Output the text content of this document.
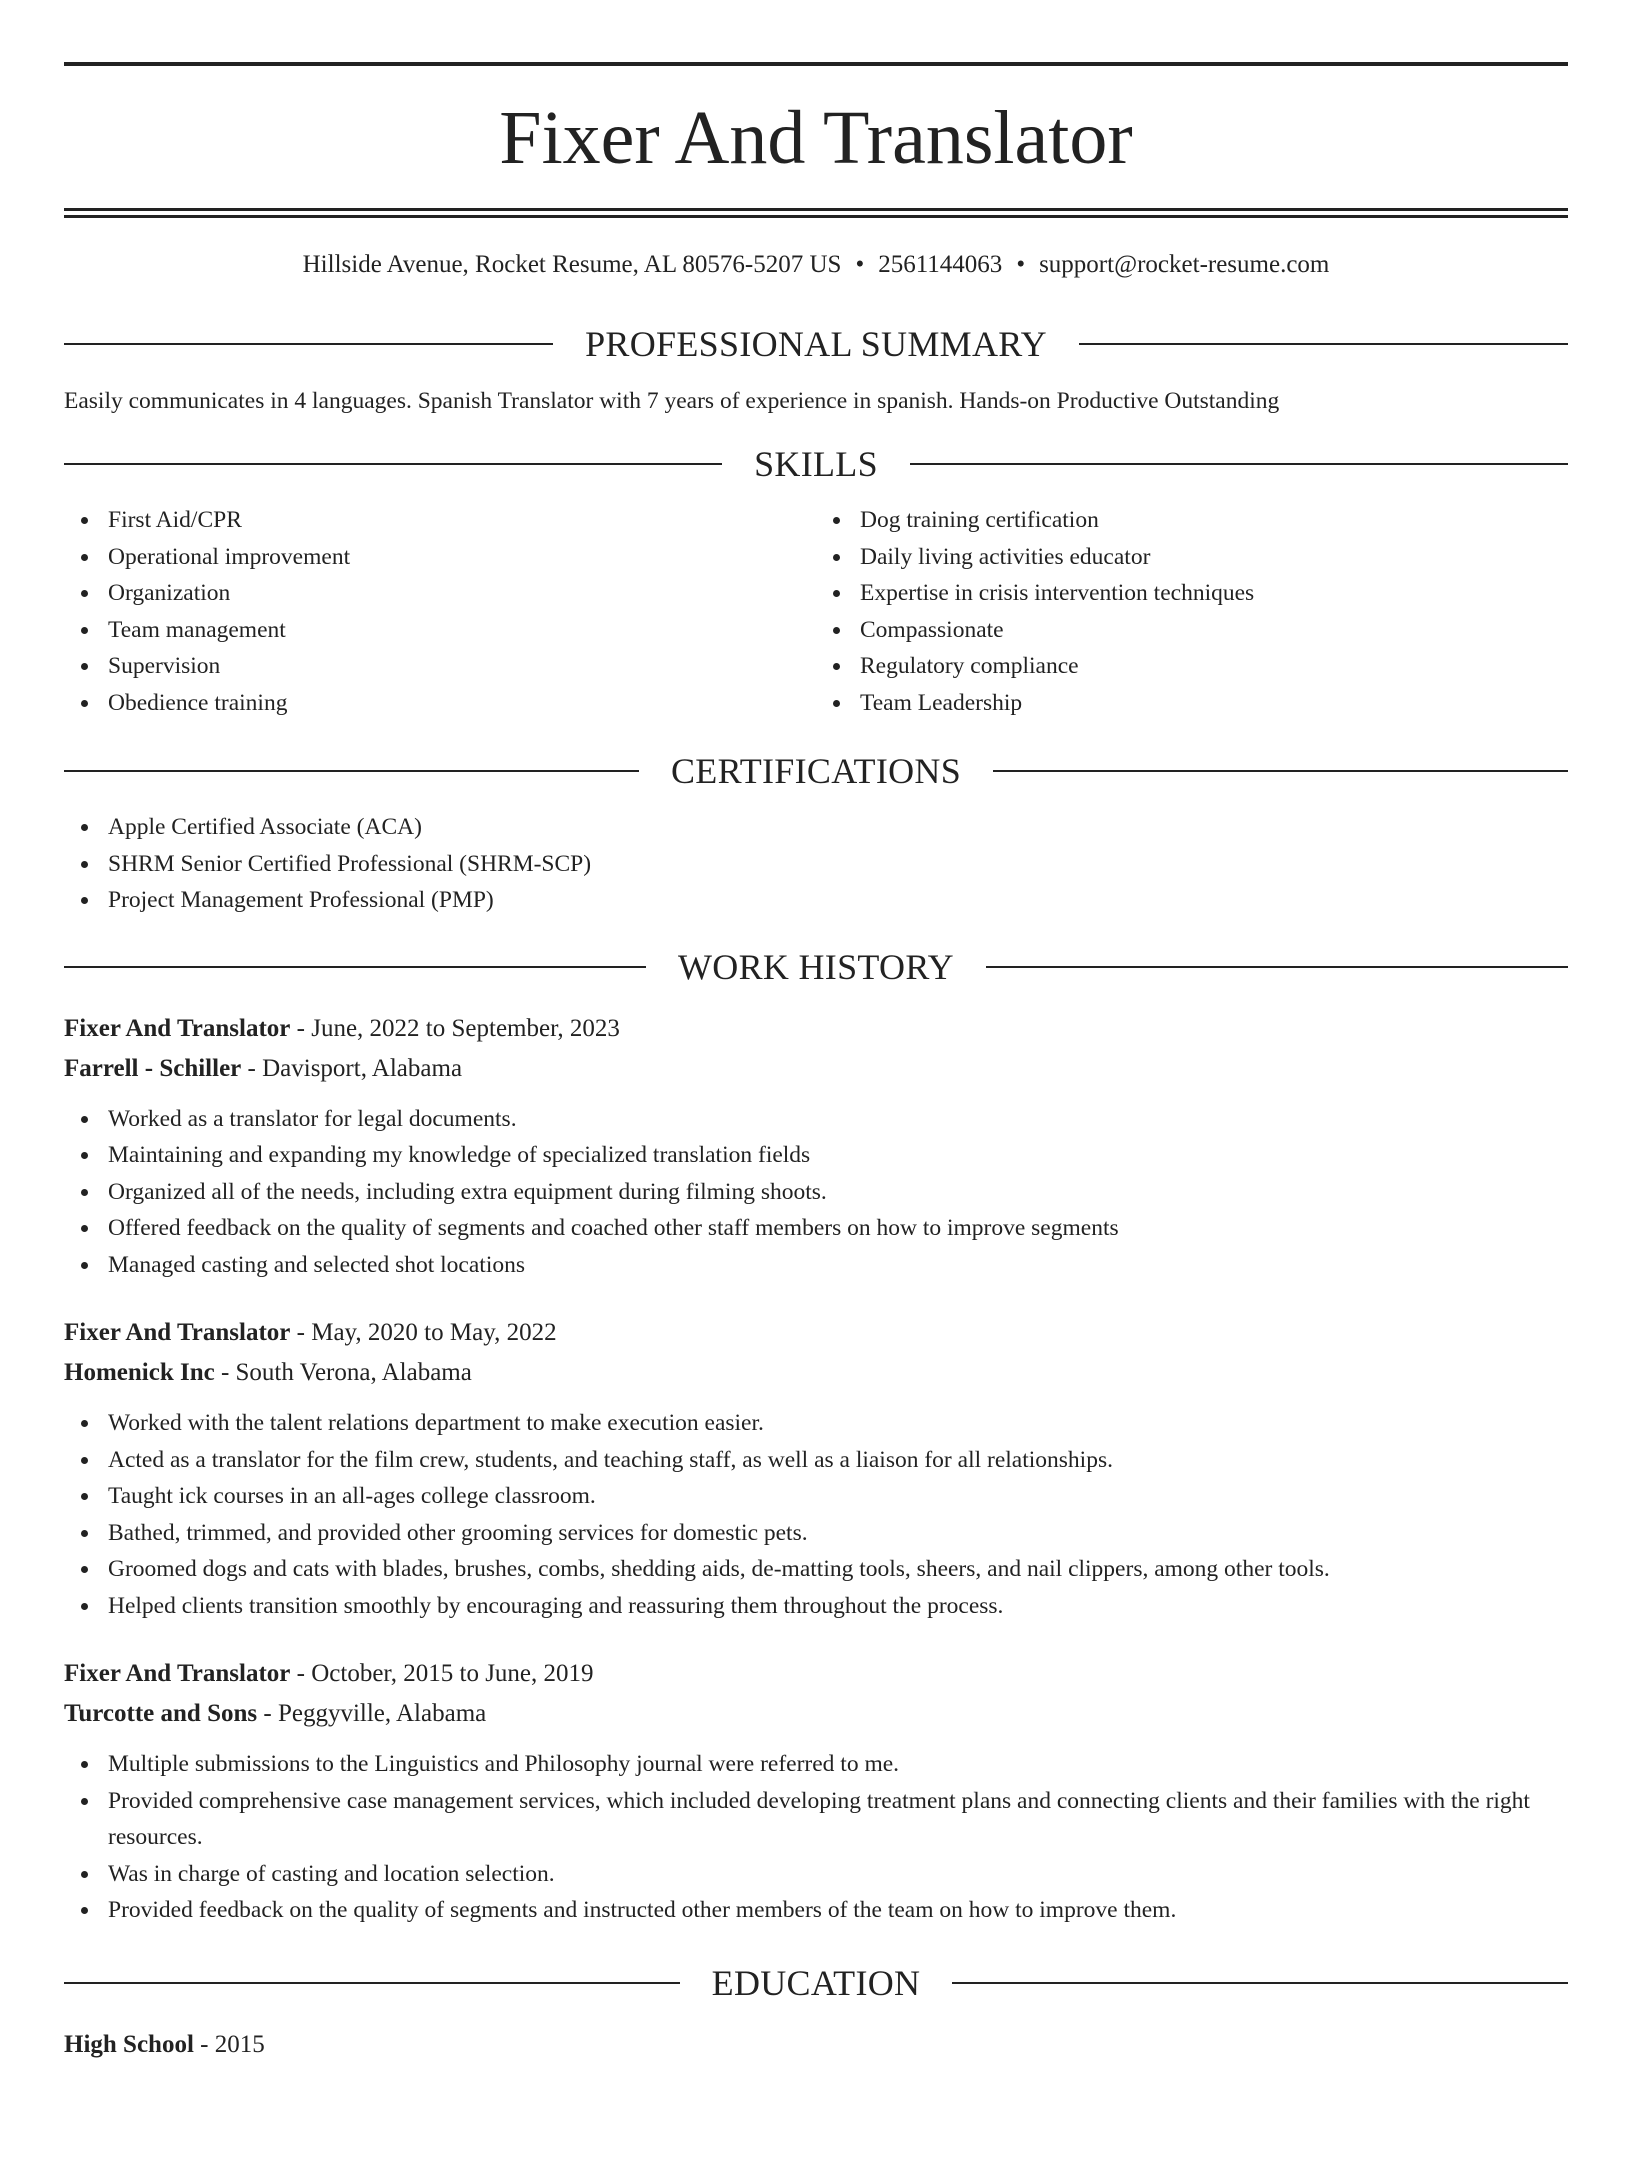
Fixer And Translator
Hillside Avenue, Rocket Resume, AL 80576-5207 US • 2561144063 • support@rocket-resume.com
PROFESSIONAL SUMMARY
Easily communicates in 4 languages. Spanish Translator with 7 years of experience in spanish. Hands-on Productive Outstanding
SKILLS
First Aid/CPR
Operational improvement
Organization
Team management
Supervision
Obedience training
Dog training certification
Daily living activities educator
Expertise in crisis intervention techniques
Compassionate
Regulatory compliance
Team Leadership
CERTIFICATIONS
Apple Certified Associate (ACA)
SHRM Senior Certified Professional (SHRM-SCP)
Project Management Professional (PMP)
WORK HISTORY
Fixer And Translator - June, 2022 to September, 2023
Farrell - Schiller - Davisport, Alabama
Worked as a translator for legal documents.
Maintaining and expanding my knowledge of specialized translation fields
Organized all of the needs, including extra equipment during filming shoots.
Offered feedback on the quality of segments and coached other staff members on how to improve segments
Managed casting and selected shot locations
Fixer And Translator - May, 2020 to May, 2022
Homenick Inc - South Verona, Alabama
Worked with the talent relations department to make execution easier.
Acted as a translator for the film crew, students, and teaching staff, as well as a liaison for all relationships.
Taught ick courses in an all-ages college classroom.
Bathed, trimmed, and provided other grooming services for domestic pets.
Groomed dogs and cats with blades, brushes, combs, shedding aids, de-matting tools, sheers, and nail clippers, among other tools.
Helped clients transition smoothly by encouraging and reassuring them throughout the process.
Fixer And Translator - October, 2015 to June, 2019
Turcotte and Sons - Peggyville, Alabama
Multiple submissions to the Linguistics and Philosophy journal were referred to me.
Provided comprehensive case management services, which included developing treatment plans and connecting clients and their families with the right resources.
Was in charge of casting and location selection.
Provided feedback on the quality of segments and instructed other members of the team on how to improve them.
EDUCATION
High School - 2015
